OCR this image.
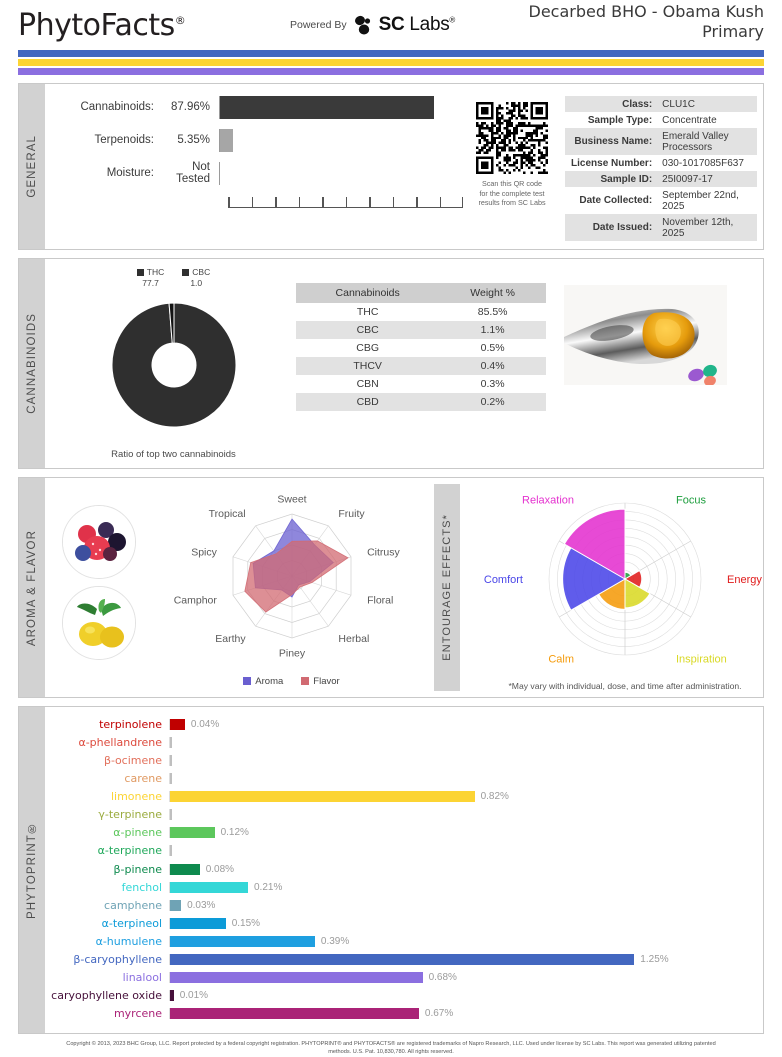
PhytoFacts®	Powered By SC Labs®	Decarbed BHO - Obama Kush
Primary
GENERAL
Cannabinoids:	87.96%
Terpenoids:	5.35%
Moisture:	Not Tested	Scan this QR code
for the complete test
results from SC Labs
Class:	CLU1C
Sample Type:	Concentrate
Business Name:	Emerald Valley Processors
License Number:	030-1017085F637
Sample ID:	25I0097-17
Date Collected:	September 22nd, 2025
Date Issued:	November 12th, 2025
CANNABINOIDS
THC
77.7
CBC
1.0
Ratio of top two cannabinoids
Cannabinoids	Weight %
THC	85.5%
CBC	1.1%
CBG	0.5%
THCV	0.4%
CBN	0.3%
CBD	0.2%
AROMA & FLAVOR
Sweet
Fruity
Citrusy
Floral
Herbal
Piney
Earthy
Camphor
Spicy
Tropical
Aroma	Flavor
ENTOURAGE EFFECTS*
Focus
Energy
Inspiration
Calm
Comfort
Relaxation
*May vary with individual, dose, and time after administration.
PHYTOPRINT®
terpinolene	0.04%
α-phellandrene
β-ocimene
carene
limonene	0.82%
γ-terpinene
α-pinene	0.12%
α-terpinene
β-pinene	0.08%
fenchol	0.21%
camphene	0.03%
α-terpineol	0.15%
α-humulene	0.39%
β-caryophyllene	1.25%
linalool	0.68%
caryophyllene oxide	0.01%
myrcene	0.67%
Copyright © 2013, 2023 BHC Group, LLC. Report protected by a federal copyright registration. PHYTOPRINT® and PHYTOFACTS® are registered trademarks of Napro Research, LLC. Used under license by SC Labs. This report was generated utilizing patented methods. U.S. Pat. 10,830,780. All rights reserved.
